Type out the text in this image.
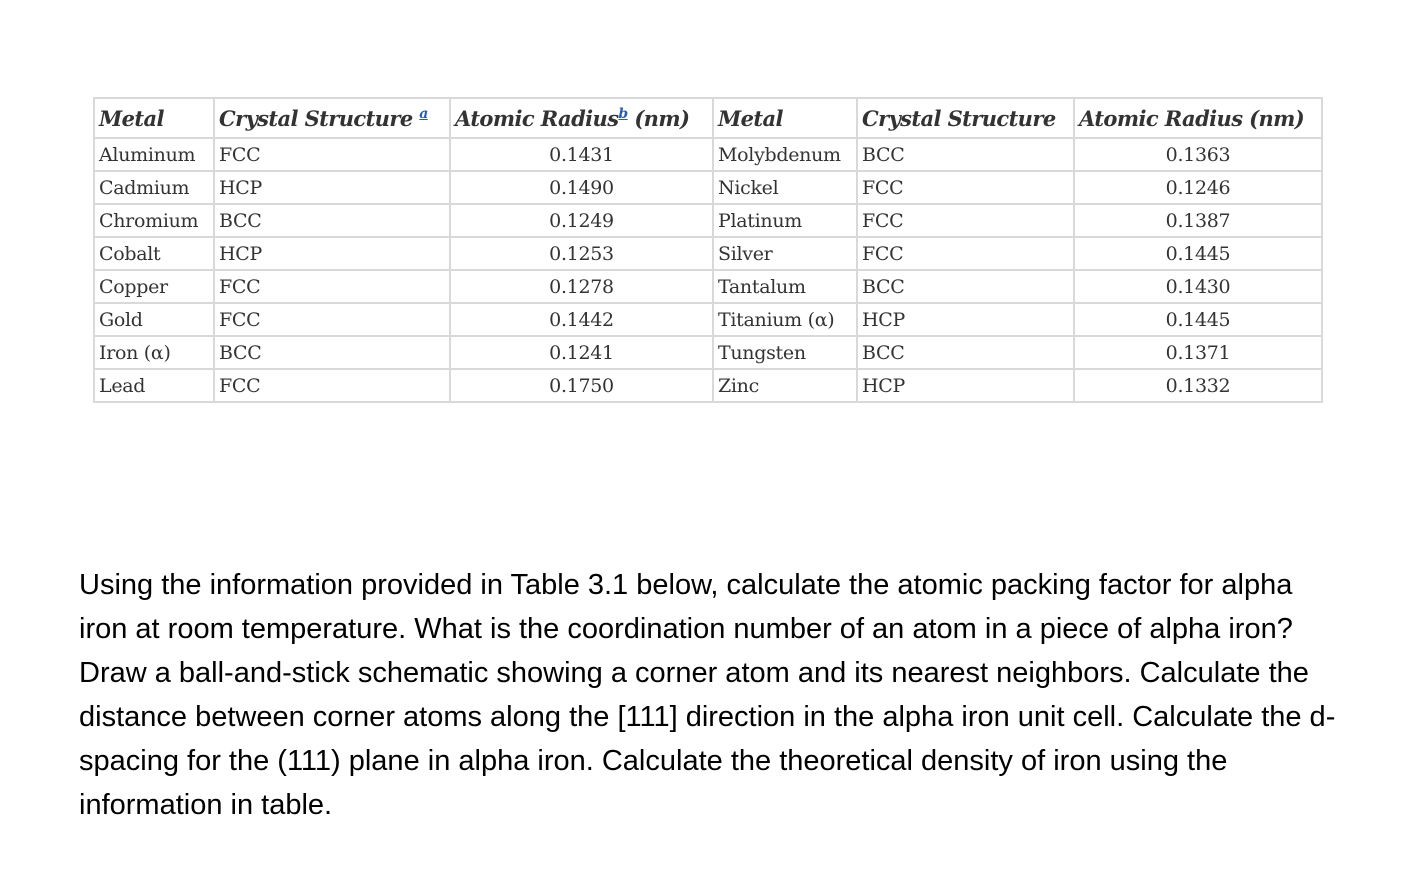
Metal	Crystal Structure $^a$	Atomic Radius$^b$ (nm)	Metal	Crystal Structure	Atomic Radius (nm)
Aluminum	FCC	0.1431	Molybdenum	BCC	0.1363
Cadmium	HCP	0.1490	Nickel	FCC	0.1246
Chromium	BCC	0.1249	Platinum	FCC	0.1387
Cobalt	HCP	0.1253	Silver	FCC	0.1445
Copper	FCC	0.1278	Tantalum	BCC	0.1430
Gold	FCC	0.1442	Titanium (α)	HCP	0.1445
Iron (α)	BCC	0.1241	Tungsten	BCC	0.1371
Lead	FCC	0.1750	Zinc	HCP	0.1332

Using the information provided in Table 3.1 below, calculate the atomic packing factor for alpha iron at room temperature. What is the coordination number of an atom in a piece of alpha iron? Draw a ball-and-stick schematic showing a corner atom and its nearest neighbors. Calculate the distance between corner atoms along the [111] direction in the alpha iron unit cell. Calculate the d-spacing for the (111) plane in alpha iron. Calculate the theoretical density of iron using the information in table.
